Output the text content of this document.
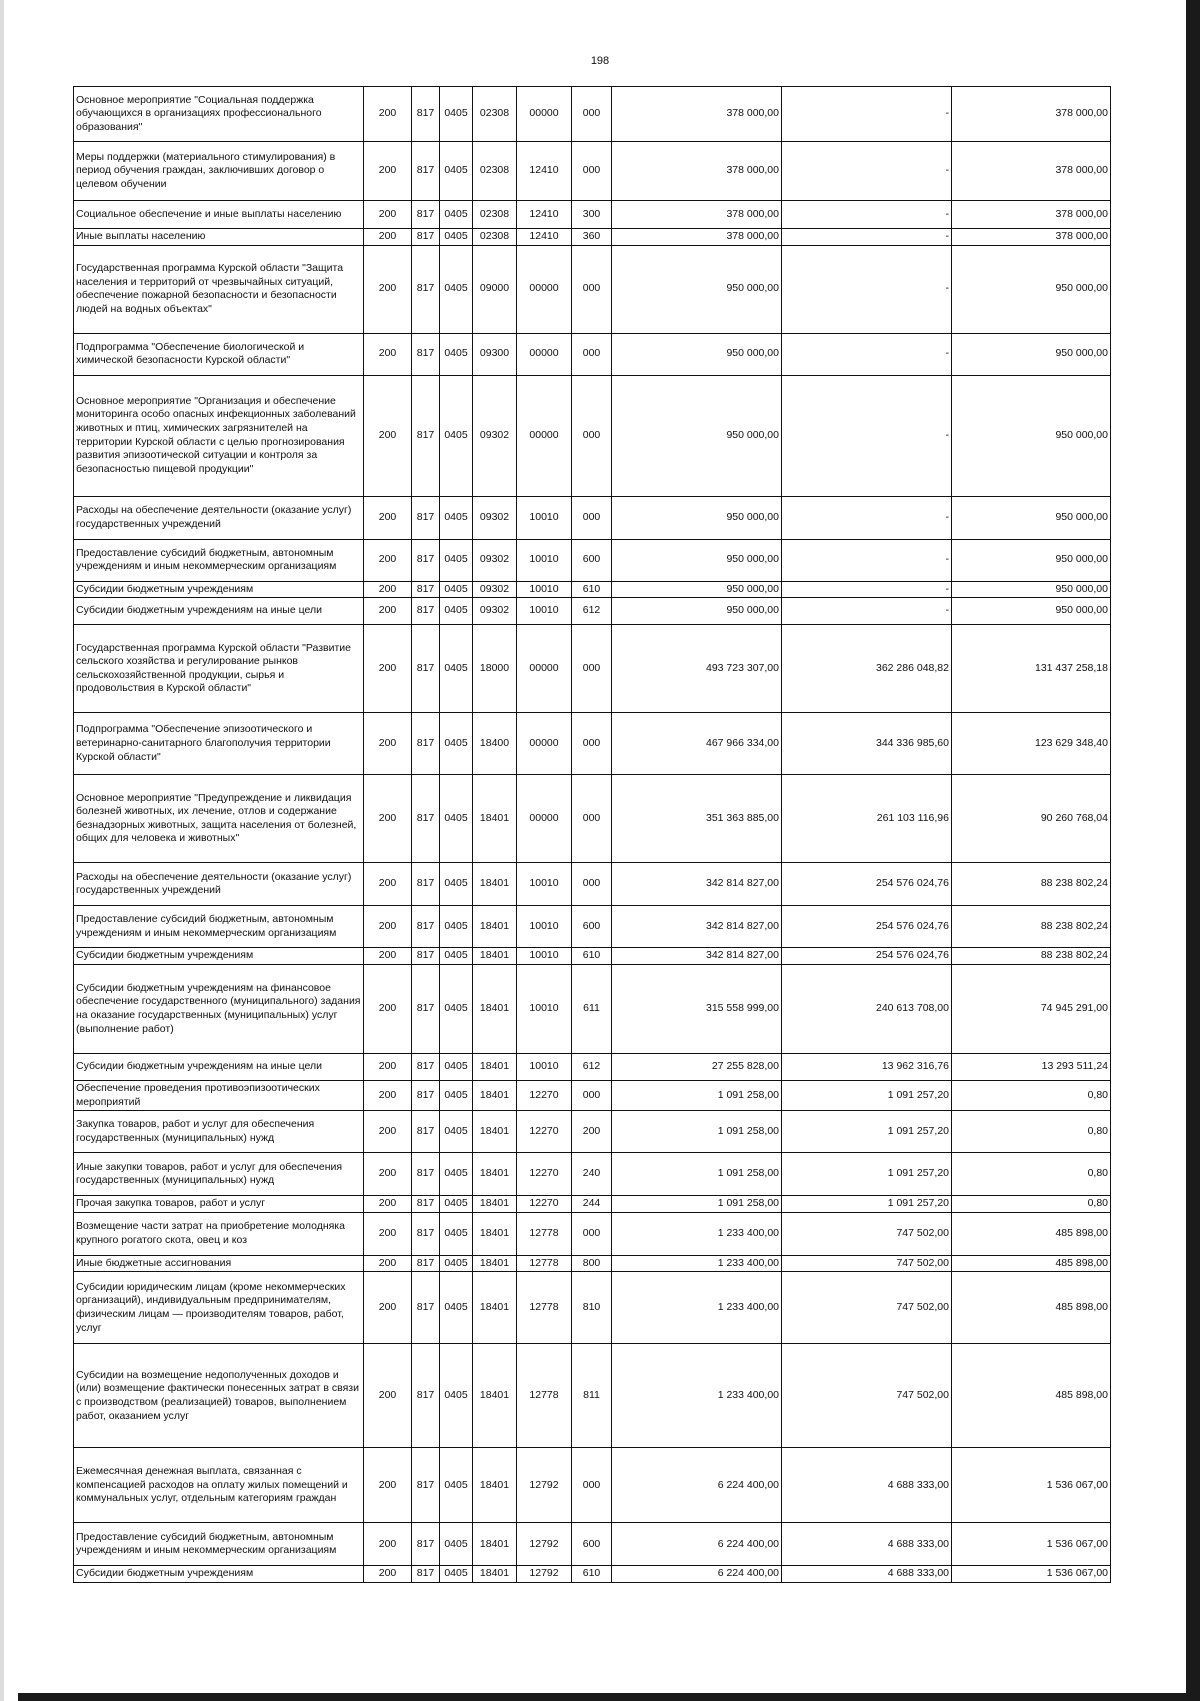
198
Основное мероприятие "Социальная поддержка обучающихся в организациях профессионального образования"	200	817	0405	02308	00000	000	378 000,00	-	378 000,00
Меры поддержки (материального стимулирования) в период обучения граждан, заключивших договор о целевом обучении	200	817	0405	02308	12410	000	378 000,00	-	378 000,00
Социальное обеспечение и иные выплаты населению	200	817	0405	02308	12410	300	378 000,00	-	378 000,00
Иные выплаты населению	200	817	0405	02308	12410	360	378 000,00	-	378 000,00
Государственная программа Курской области "Защита населения и территорий от чрезвычайных ситуаций, обеспечение пожарной безопасности и безопасности людей на водных объектах"	200	817	0405	09000	00000	000	950 000,00	-	950 000,00
Подпрограмма "Обеспечение биологической и химической безопасности Курской области"	200	817	0405	09300	00000	000	950 000,00	-	950 000,00
Основное мероприятие "Организация и обеспечение мониторинга особо опасных инфекционных заболеваний животных и птиц, химических загрязнителей на территории Курской области с целью прогнозирования развития эпизоотической ситуации и контроля за безопасностью пищевой продукции"	200	817	0405	09302	00000	000	950 000,00	-	950 000,00
Расходы на обеспечение деятельности (оказание услуг) государственных учреждений	200	817	0405	09302	10010	000	950 000,00	-	950 000,00
Предоставление субсидий бюджетным, автономным учреждениям и иным некоммерческим организациям	200	817	0405	09302	10010	600	950 000,00	-	950 000,00
Субсидии бюджетным учреждениям	200	817	0405	09302	10010	610	950 000,00	-	950 000,00
Субсидии бюджетным учреждениям на иные цели	200	817	0405	09302	10010	612	950 000,00	-	950 000,00
Государственная программа Курской области "Развитие сельского хозяйства и регулирование рынков сельскохозяйственной продукции, сырья и продовольствия в Курской области"	200	817	0405	18000	00000	000	493 723 307,00	362 286 048,82	131 437 258,18
Подпрограмма "Обеспечение эпизоотического и ветеринарно-санитарного благополучия территории Курской области"	200	817	0405	18400	00000	000	467 966 334,00	344 336 985,60	123 629 348,40
Основное мероприятие "Предупреждение и ликвидация болезней животных, их лечение, отлов и содержание безнадзорных животных, защита населения от болезней, общих для человека и животных"	200	817	0405	18401	00000	000	351 363 885,00	261 103 116,96	90 260 768,04
Расходы на обеспечение деятельности (оказание услуг) государственных учреждений	200	817	0405	18401	10010	000	342 814 827,00	254 576 024,76	88 238 802,24
Предоставление субсидий бюджетным, автономным учреждениям и иным некоммерческим организациям	200	817	0405	18401	10010	600	342 814 827,00	254 576 024,76	88 238 802,24
Субсидии бюджетным учреждениям	200	817	0405	18401	10010	610	342 814 827,00	254 576 024,76	88 238 802,24
Субсидии бюджетным учреждениям на финансовое обеспечение государственного (муниципального) задания на оказание государственных (муниципальных) услуг (выполнение работ)	200	817	0405	18401	10010	611	315 558 999,00	240 613 708,00	74 945 291,00
Субсидии бюджетным учреждениям на иные цели	200	817	0405	18401	10010	612	27 255 828,00	13 962 316,76	13 293 511,24
Обеспечение проведения противоэпизоотических мероприятий	200	817	0405	18401	12270	000	1 091 258,00	1 091 257,20	0,80
Закупка товаров, работ и услуг для обеспечения государственных (муниципальных) нужд	200	817	0405	18401	12270	200	1 091 258,00	1 091 257,20	0,80
Иные закупки товаров, работ и услуг для обеспечения государственных (муниципальных) нужд	200	817	0405	18401	12270	240	1 091 258,00	1 091 257,20	0,80
Прочая закупка товаров, работ и услуг	200	817	0405	18401	12270	244	1 091 258,00	1 091 257,20	0,80
Возмещение части затрат на приобретение молодняка крупного рогатого скота, овец и коз	200	817	0405	18401	12778	000	1 233 400,00	747 502,00	485 898,00
Иные бюджетные ассигнования	200	817	0405	18401	12778	800	1 233 400,00	747 502,00	485 898,00
Субсидии юридическим лицам (кроме некоммерческих организаций), индивидуальным предпринимателям, физическим лицам — производителям товаров, работ, услуг	200	817	0405	18401	12778	810	1 233 400,00	747 502,00	485 898,00
Субсидии на возмещение недополученных доходов и (или) возмещение фактически понесенных затрат в связи с производством (реализацией) товаров, выполнением работ, оказанием услуг	200	817	0405	18401	12778	811	1 233 400,00	747 502,00	485 898,00
Ежемесячная денежная выплата, связанная с компенсацией расходов на оплату жилых помещений и коммунальных услуг, отдельным категориям граждан	200	817	0405	18401	12792	000	6 224 400,00	4 688 333,00	1 536 067,00
Предоставление субсидий бюджетным, автономным учреждениям и иным некоммерческим организациям	200	817	0405	18401	12792	600	6 224 400,00	4 688 333,00	1 536 067,00
Субсидии бюджетным учреждениям	200	817	0405	18401	12792	610	6 224 400,00	4 688 333,00	1 536 067,00
